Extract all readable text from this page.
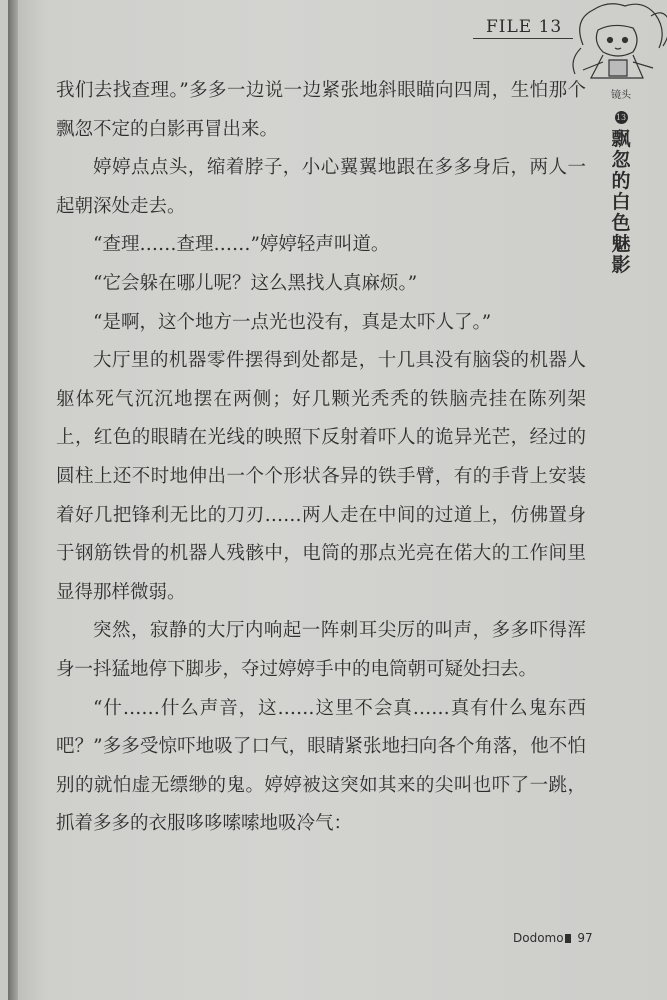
FILE 13
镜头
13
飘
忽
的
白
色
魅
影

我们去找查理。”多多一边说一边紧张地斜眼瞄向四周，生怕那个飘忽不定的白影再冒出来。

婷婷点点头，缩着脖子，小心翼翼地跟在多多身后，两人一起朝深处走去。

“查理……查理……”婷婷轻声叫道。

“它会躲在哪儿呢？这么黑找人真麻烦。”

“是啊，这个地方一点光也没有，真是太吓人了。”

大厅里的机器零件摆得到处都是，十几具没有脑袋的机器人躯体死气沉沉地摆在两侧；好几颗光秃秃的铁脑壳挂在陈列架上，红色的眼睛在光线的映照下反射着吓人的诡异光芒，经过的圆柱上还不时地伸出一个个形状各异的铁手臂，有的手背上安装着好几把锋利无比的刀刃……两人走在中间的过道上，仿佛置身于钢筋铁骨的机器人残骸中，电筒的那点光亮在偌大的工作间里显得那样微弱。

突然，寂静的大厅内响起一阵刺耳尖厉的叫声，多多吓得浑身一抖猛地停下脚步，夺过婷婷手中的电筒朝可疑处扫去。

“什……什么声音，这……这里不会真……真有什么鬼东西吧？”多多受惊吓地吸了口气，眼睛紧张地扫向各个角落，他不怕别的就怕虚无缥缈的鬼。婷婷被这突如其来的尖叫也吓了一跳，抓着多多的衣服哆哆嗦嗦地吸冷气：

Dodomo 97
